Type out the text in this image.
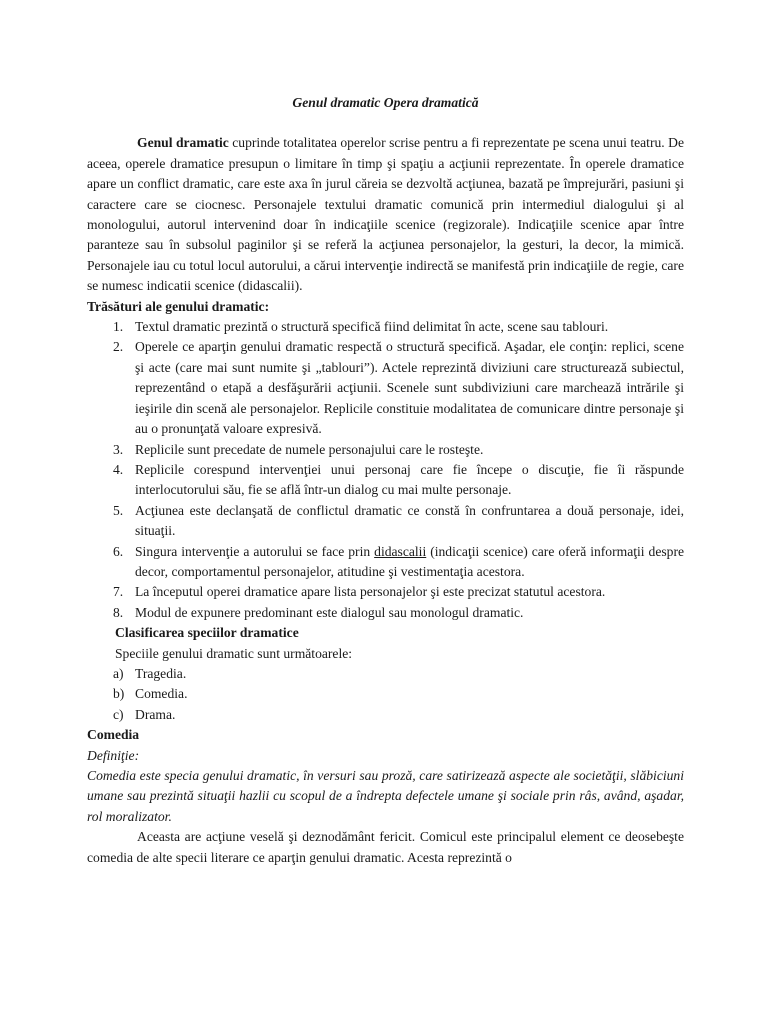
Genul dramatic Opera dramatică

Genul dramatic cuprinde totalitatea operelor scrise pentru a fi reprezentate pe scena unui teatru. De aceea, operele dramatice presupun o limitare în timp şi spaţiu a acţiunii reprezentate. În operele dramatice apare un conflict dramatic, care este axa în jurul căreia se dezvoltă acţiunea, bazată pe împrejurări, pasiuni şi caractere care se ciocnesc. Personajele textului dramatic comunică prin intermediul dialogului şi al monologului, autorul intervenind doar în indicaţiile scenice (regizorale). Indicaţiile scenice apar între paranteze sau în subsolul paginilor şi se referă la acţiunea personajelor, la gesturi, la decor, la mimică. Personajele iau cu totul locul autorului, a cărui intervenţie indirectă se manifestă prin indicaţiile de regie, care se numesc indicatii scenice (didascalii).

Trăsături ale genului dramatic:

1. Textul dramatic prezintă o structură specifică fiind delimitat în acte, scene sau tablouri.
2. Operele ce aparţin genului dramatic respectă o structură specifică. Aşadar, ele conţin: replici, scene şi acte (care mai sunt numite şi „tablouri”). Actele reprezintă diviziuni care structurează subiectul, reprezentând o etapă a desfăşurării acţiunii. Scenele sunt subdiviziuni care marchează intrările şi ieşirile din scenă ale personajelor. Replicile constituie modalitatea de comunicare dintre personaje şi au o pronunţată valoare expresivă.
3. Replicile sunt precedate de numele personajului care le rosteşte.
4. Replicile corespund intervenţiei unui personaj care fie începe o discuţie, fie îi răspunde interlocutorului său, fie se află într-un dialog cu mai multe personaje.
5. Acţiunea este declanşată de conflictul dramatic ce constă în confruntarea a două personaje, idei, situaţii.
6. Singura intervenţie a autorului se face prin didascalii (indicaţii scenice) care oferă informaţii despre decor, comportamentul personajelor, atitudine şi vestimentaţia acestora.
7. La începutul operei dramatice apare lista personajelor şi este precizat statutul acestora.
8. Modul de expunere predominant este dialogul sau monologul dramatic.

Clasificarea speciilor dramatice

Speciile genului dramatic sunt următoarele:

a) Tragedia.
b) Comedia.
c) Drama.

Comedia

Definiţie:

Comedia este specia genului dramatic, în versuri sau proză, care satirizează aspecte ale societăţii, slăbiciuni umane sau prezintă situaţii hazlii cu scopul de a îndrepta defectele umane şi sociale prin râs, având, aşadar, rol moralizator.

Aceasta are acţiune veselă şi deznodământ fericit. Comicul este principalul element ce deosebeşte comedia de alte specii literare ce aparţin genului dramatic. Acesta reprezintă o
